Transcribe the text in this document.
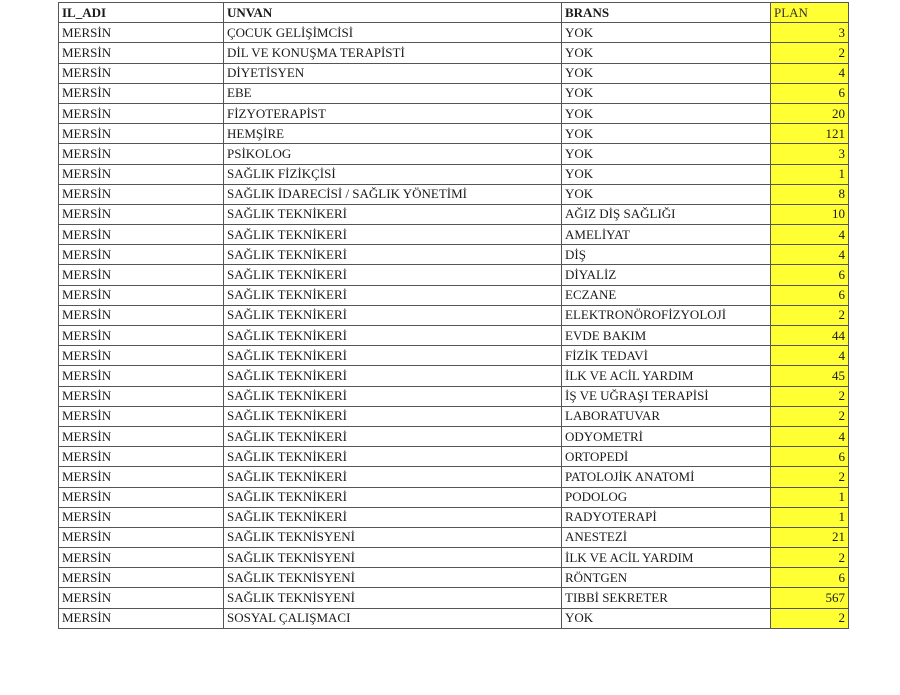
IL_ADI	UNVAN	BRANS	PLAN
MERSİN	ÇOCUK GELİŞİMCİSİ	YOK	3
MERSİN	DİL VE KONUŞMA TERAPİSTİ	YOK	2
MERSİN	DİYETİSYEN	YOK	4
MERSİN	EBE	YOK	6
MERSİN	FİZYOTERAPİST	YOK	20
MERSİN	HEMŞİRE	YOK	121
MERSİN	PSİKOLOG	YOK	3
MERSİN	SAĞLIK FİZİKÇİSİ	YOK	1
MERSİN	SAĞLIK İDARECİSİ / SAĞLIK YÖNETİMİ	YOK	8
MERSİN	SAĞLIK TEKNİKERİ	AĞIZ DİŞ SAĞLIĞI	10
MERSİN	SAĞLIK TEKNİKERİ	AMELİYAT	4
MERSİN	SAĞLIK TEKNİKERİ	DİŞ	4
MERSİN	SAĞLIK TEKNİKERİ	DİYALİZ	6
MERSİN	SAĞLIK TEKNİKERİ	ECZANE	6
MERSİN	SAĞLIK TEKNİKERİ	ELEKTRONÖROFİZYOLOJİ	2
MERSİN	SAĞLIK TEKNİKERİ	EVDE BAKIM	44
MERSİN	SAĞLIK TEKNİKERİ	FİZİK TEDAVİ	4
MERSİN	SAĞLIK TEKNİKERİ	İLK VE ACİL YARDIM	45
MERSİN	SAĞLIK TEKNİKERİ	İŞ VE UĞRAŞI TERAPİSİ	2
MERSİN	SAĞLIK TEKNİKERİ	LABORATUVAR	2
MERSİN	SAĞLIK TEKNİKERİ	ODYOMETRİ	4
MERSİN	SAĞLIK TEKNİKERİ	ORTOPEDİ	6
MERSİN	SAĞLIK TEKNİKERİ	PATOLOJİK ANATOMİ	2
MERSİN	SAĞLIK TEKNİKERİ	PODOLOG	1
MERSİN	SAĞLIK TEKNİKERİ	RADYOTERAPİ	1
MERSİN	SAĞLIK TEKNİSYENİ	ANESTEZİ	21
MERSİN	SAĞLIK TEKNİSYENİ	İLK VE ACİL YARDIM	2
MERSİN	SAĞLIK TEKNİSYENİ	RÖNTGEN	6
MERSİN	SAĞLIK TEKNİSYENİ	TIBBİ SEKRETER	567
MERSİN	SOSYAL ÇALIŞMACI	YOK	2
